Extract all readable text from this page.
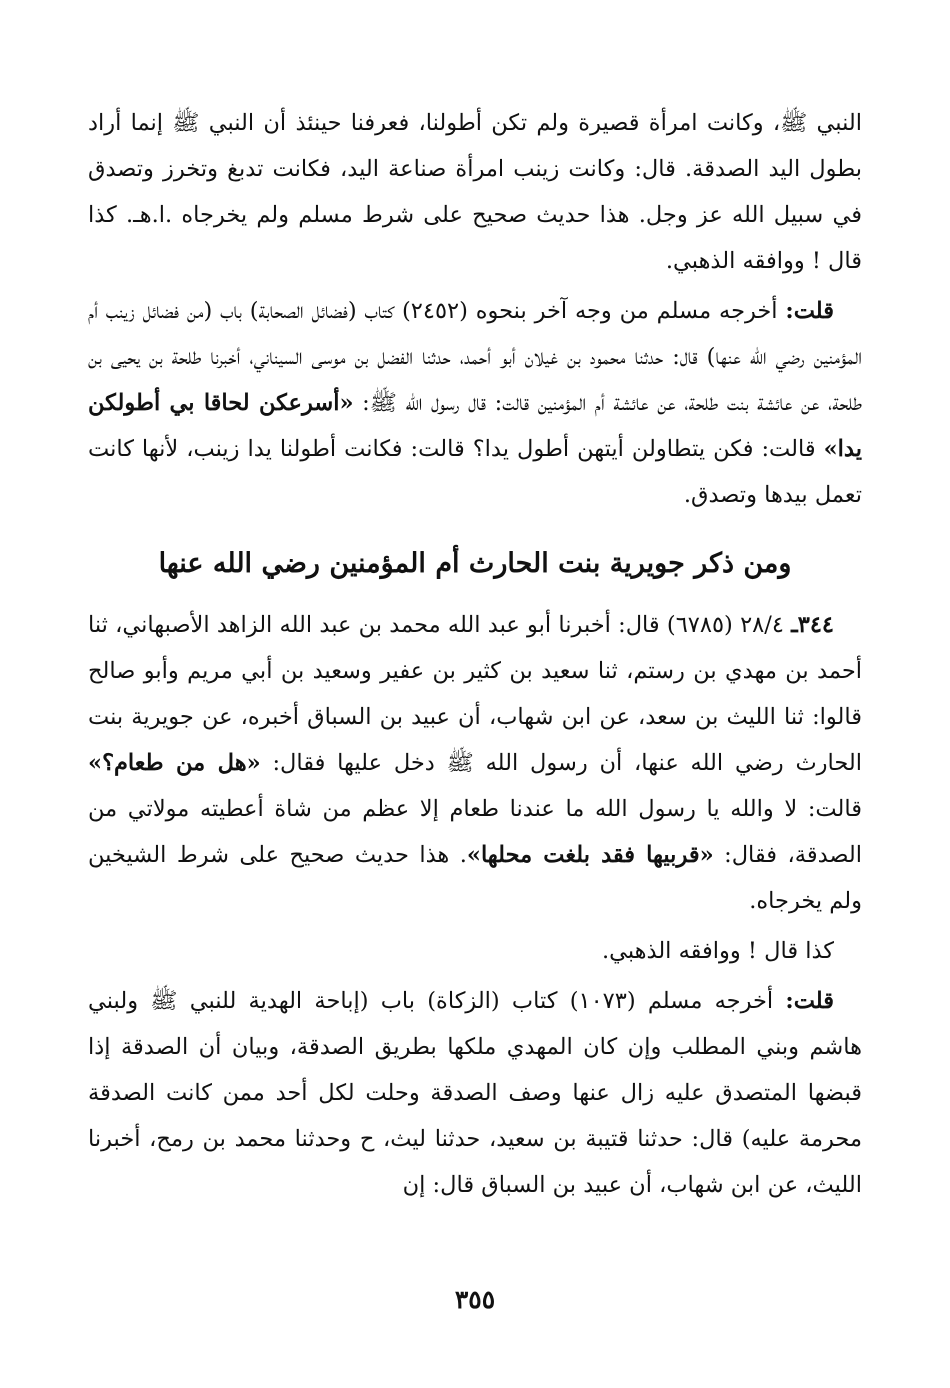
النبي ﷺ، وكانت امرأة قصيرة ولم تكن أطولنا، فعرفنا حينئذ أن النبي ﷺ إنما أراد بطول اليد الصدقة. قال: وكانت زينب امرأة صناعة اليد، فكانت تدبغ وتخرز وتصدق في سبيل الله عز وجل. هذا حديث صحيح على شرط مسلم ولم يخرجاه .ا.هـ. كذا قال ! ووافقه الذهبي.

قلت: أخرجه مسلم من وجه آخر بنحوه (٢٤٥٢) كتاب (فضائل الصحابة) باب (من فضائل زينب أم المؤمنين رضي الله عنها) قال: حدثنا محمود بن غيلان أبو أحمد، حدثنا الفضل بن موسى السيناني، أخبرنا طلحة بن يحيى بن طلحة، عن عائشة بنت طلحة، عن عائشة أم المؤمنين قالت: قال رسول الله ﷺ: «أسرعكن لحاقا بي أطولكن يدا» قالت: فكن يتطاولن أيتهن أطول يدا؟ قالت: فكانت أطولنا يدا زينب، لأنها كانت تعمل بيدها وتصدق.

ومن ذكر جويرية بنت الحارث أم المؤمنين رضي الله عنها

٣٤٤ـ ٢٨/٤ (٦٧٨٥) قال: أخبرنا أبو عبد الله محمد بن عبد الله الزاهد الأصبهاني، ثنا أحمد بن مهدي بن رستم، ثنا سعيد بن كثير بن عفير وسعيد بن أبي مريم وأبو صالح قالوا: ثنا الليث بن سعد، عن ابن شهاب، أن عبيد بن السباق أخبره، عن جويرية بنت الحارث رضي الله عنها، أن رسول الله ﷺ دخل عليها فقال: «هل من طعام؟» قالت: لا والله يا رسول الله ما عندنا طعام إلا عظم من شاة أعطيته مولاتي من الصدقة، فقال: «قربيها فقد بلغت محلها». هذا حديث صحيح على شرط الشيخين ولم يخرجاه.

كذا قال ! ووافقه الذهبي.

قلت: أخرجه مسلم (١٠٧٣) كتاب (الزكاة) باب (إباحة الهدية للنبي ﷺ ولبني هاشم وبني المطلب وإن كان المهدي ملكها بطريق الصدقة، وبيان أن الصدقة إذا قبضها المتصدق عليه زال عنها وصف الصدقة وحلت لكل أحد ممن كانت الصدقة محرمة عليه) قال: حدثنا قتيبة بن سعيد، حدثنا ليث، ح وحدثنا محمد بن رمح، أخبرنا الليث، عن ابن شهاب، أن عبيد بن السباق قال: إن

٣٥٥
